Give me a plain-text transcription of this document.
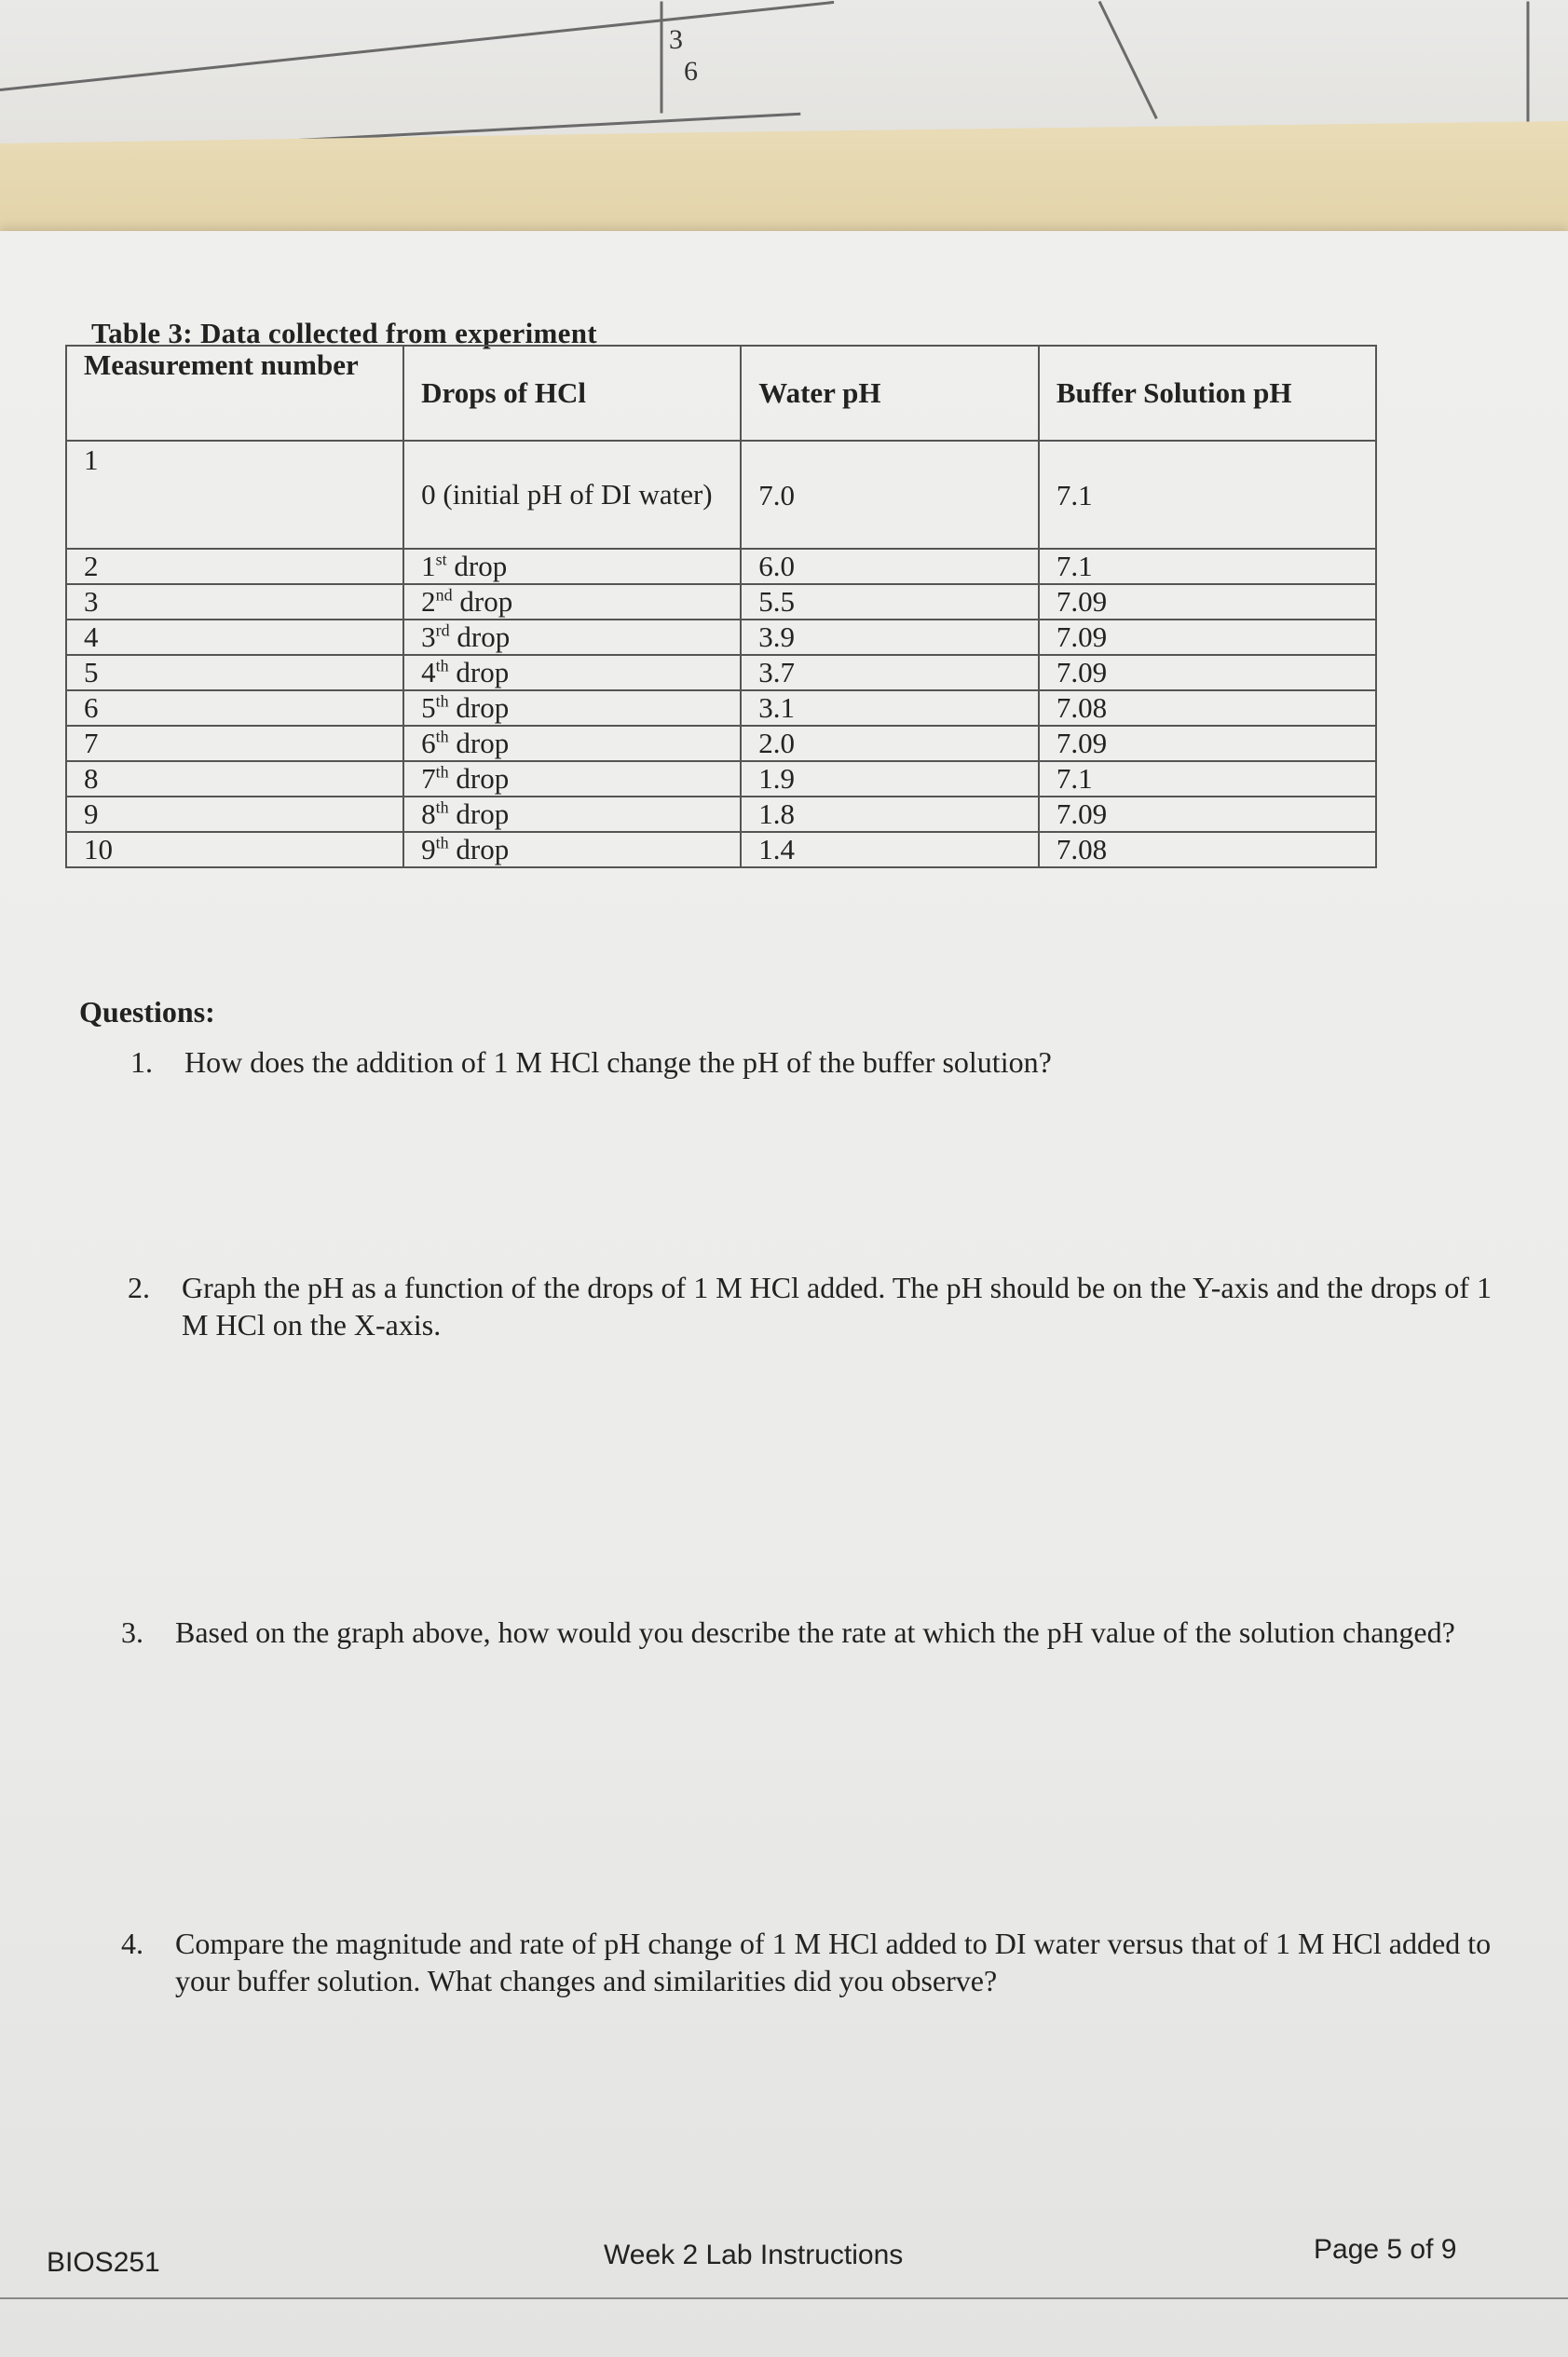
3
6
Table 3: Data collected from experiment
Measurement number	Drops of HCl	Water pH	Buffer Solution pH
1	0 (initial pH of DI water)	7.0	7.1
2	1st drop	6.0	7.1
3	2nd drop	5.5	7.09
4	3rd drop	3.9	7.09
5	4th drop	3.7	7.09
6	5th drop	3.1	7.08
7	6th drop	2.0	7.09
8	7th drop	1.9	7.1
9	8th drop	1.8	7.09
10	9th drop	1.4	7.08
Questions:
1. How does the addition of 1 M HCl change the pH of the buffer solution?
2. Graph the pH as a function of the drops of 1 M HCl added. The pH should be on the Y-axis and the drops of 1 M HCl on the X-axis.
3. Based on the graph above, how would you describe the rate at which the pH value of the solution changed?
4. Compare the magnitude and rate of pH change of 1 M HCl added to DI water versus that of 1 M HCl added to your buffer solution. What changes and similarities did you observe?
BIOS251	Week 2 Lab Instructions	Page 5 of 9
